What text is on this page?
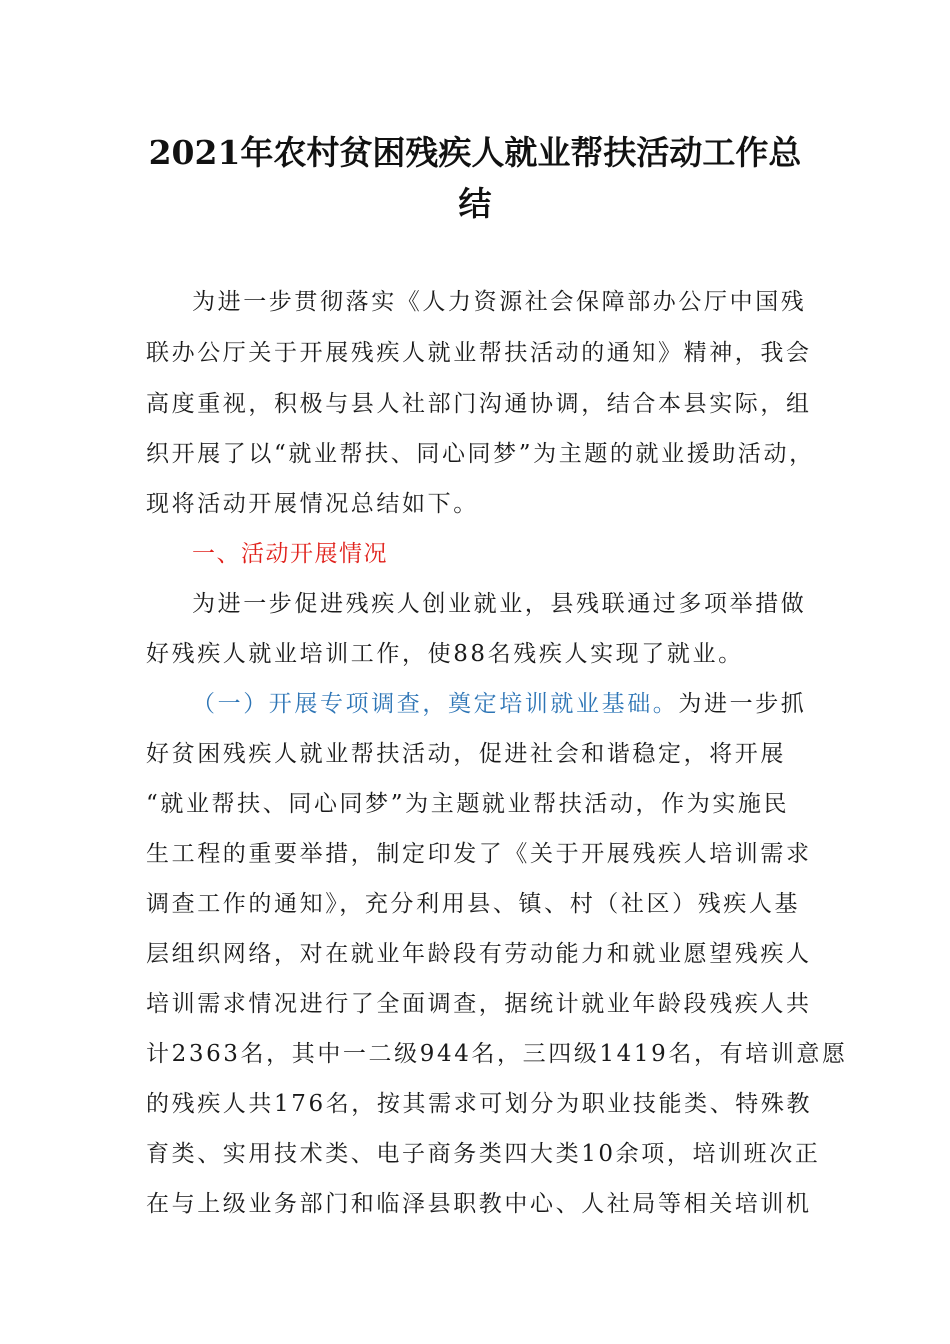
2021年农村贫困残疾人就业帮扶活动工作总
结
为进一步贯彻落实《人力资源社会保障部办公厅中国残
联办公厅关于开展残疾人就业帮扶活动的通知》精神，我会
高度重视，积极与县人社部门沟通协调，结合本县实际，组
织开展了以“就业帮扶、同心同梦”为主题的就业援助活动，
现将活动开展情况总结如下。
一、活动开展情况
为进一步促进残疾人创业就业，县残联通过多项举措做
好残疾人就业培训工作，使88名残疾人实现了就业。
（一）开展专项调查，奠定培训就业基础。为进一步抓
好贫困残疾人就业帮扶活动，促进社会和谐稳定，将开展
“就业帮扶、同心同梦”为主题就业帮扶活动，作为实施民
生工程的重要举措，制定印发了《关于开展残疾人培训需求
调查工作的通知》，充分利用县、镇、村（社区）残疾人基
层组织网络，对在就业年龄段有劳动能力和就业愿望残疾人
培训需求情况进行了全面调查，据统计就业年龄段残疾人共
计2363名，其中一二级944名，三四级1419名，有培训意愿
的残疾人共176名，按其需求可划分为职业技能类、特殊教
育类、实用技术类、电子商务类四大类10余项，培训班次正
在与上级业务部门和临泽县职教中心、人社局等相关培训机
